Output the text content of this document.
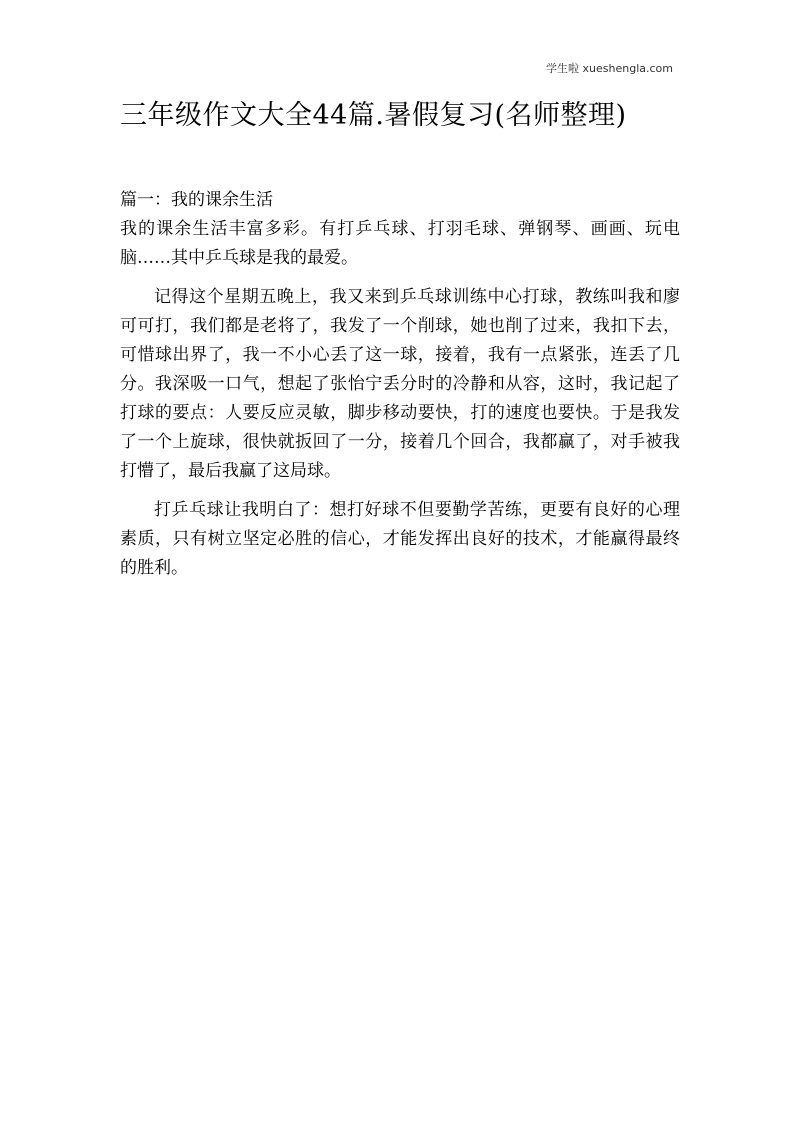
学生啦 xueshengla.com
三年级作文大全44篇.暑假复习(名师整理)

篇一：我的课余生活

我的课余生活丰富多彩。有打乒乓球、打羽毛球、弹钢琴、画画、玩电脑……其中乒乓球是我的最爱。

记得这个星期五晚上，我又来到乒乓球训练中心打球，教练叫我和廖可可打，我们都是老将了，我发了一个削球，她也削了过来，我扣下去，可惜球出界了，我一不小心丢了这一球，接着，我有一点紧张，连丢了几分。我深吸一口气，想起了张怡宁丢分时的冷静和从容，这时，我记起了打球的要点：人要反应灵敏，脚步移动要快，打的速度也要快。于是我发了一个上旋球，很快就扳回了一分，接着几个回合，我都赢了，对手被我打懵了，最后我赢了这局球。

打乒乓球让我明白了：想打好球不但要勤学苦练，更要有良好的心理素质，只有树立坚定必胜的信心，才能发挥出良好的技术，才能赢得最终的胜利。
